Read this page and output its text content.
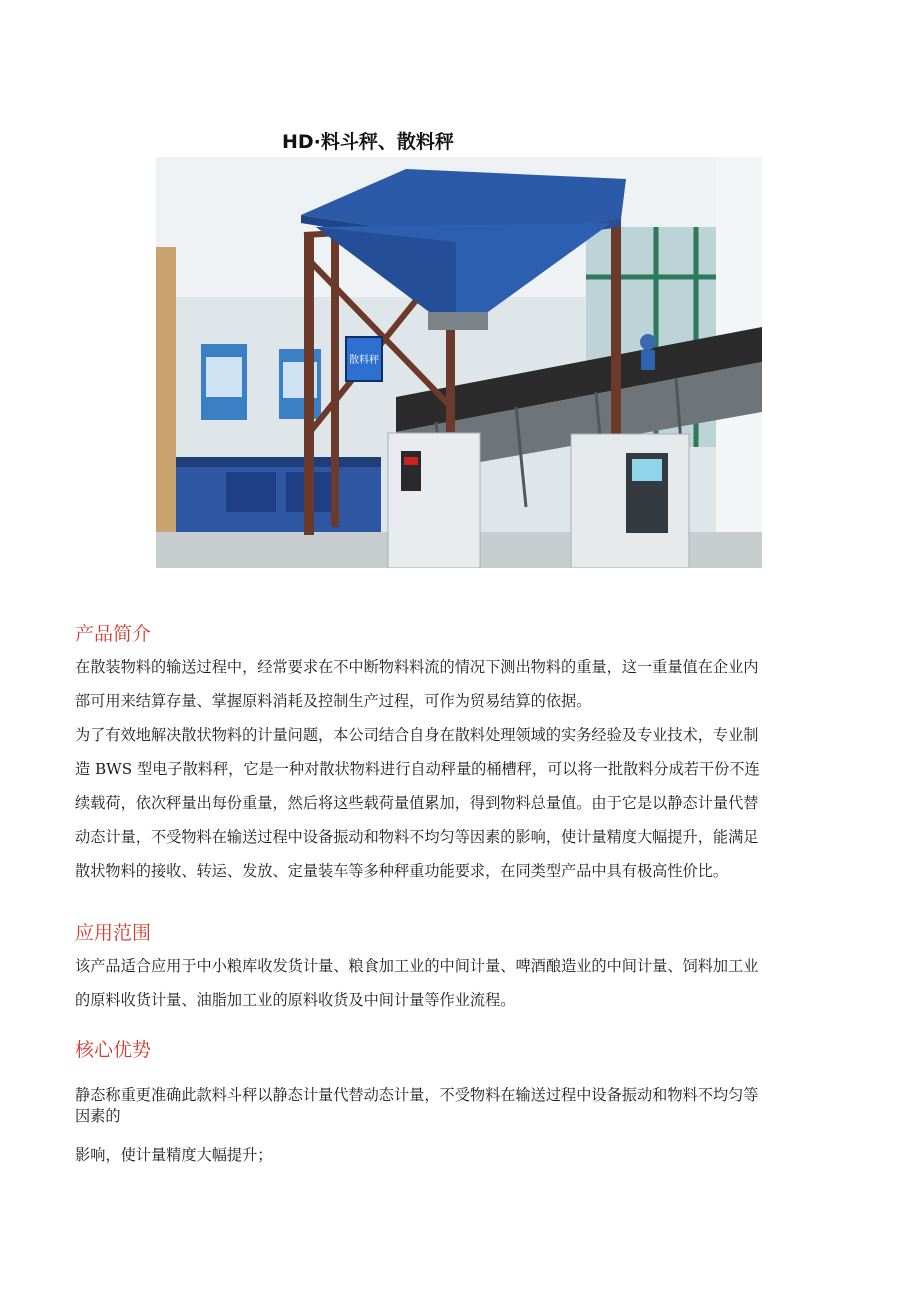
HD·料斗秤、散料秤
散料秤
产品简介
在散装物料的输送过程中，经常要求在不中断物料料流的情况下测出物料的重量，这一重量值在企业内
部可用来结算存量、掌握原料消耗及控制生产过程，可作为贸易结算的依据。
为了有效地解决散状物料的计量问题，本公司结合自身在散料处理领域的实务经验及专业技术，专业制
造 BWS 型电子散料秤，它是一种对散状物料进行自动秤量的桶槽秤，可以将一批散料分成若干份不连
续载荷，依次秤量出每份重量，然后将这些载荷量值累加，得到物料总量值。由于它是以静态计量代替
动态计量，不受物料在输送过程中设备振动和物料不均匀等因素的影响，使计量精度大幅提升，能满足
散状物料的接收、转运、发放、定量装车等多种秤重功能要求，在同类型产品中具有极高性价比。
应用范围
该产品适合应用于中小粮库收发货计量、粮食加工业的中间计量、啤酒酿造业的中间计量、饲料加工业
的原料收货计量、油脂加工业的原料收货及中间计量等作业流程。
核心优势
静态称重更准确此款料斗秤以静态计量代替动态计量，不受物料在输送过程中设备振动和物料不均匀等
因素的
影响，使计量精度大幅提升；
